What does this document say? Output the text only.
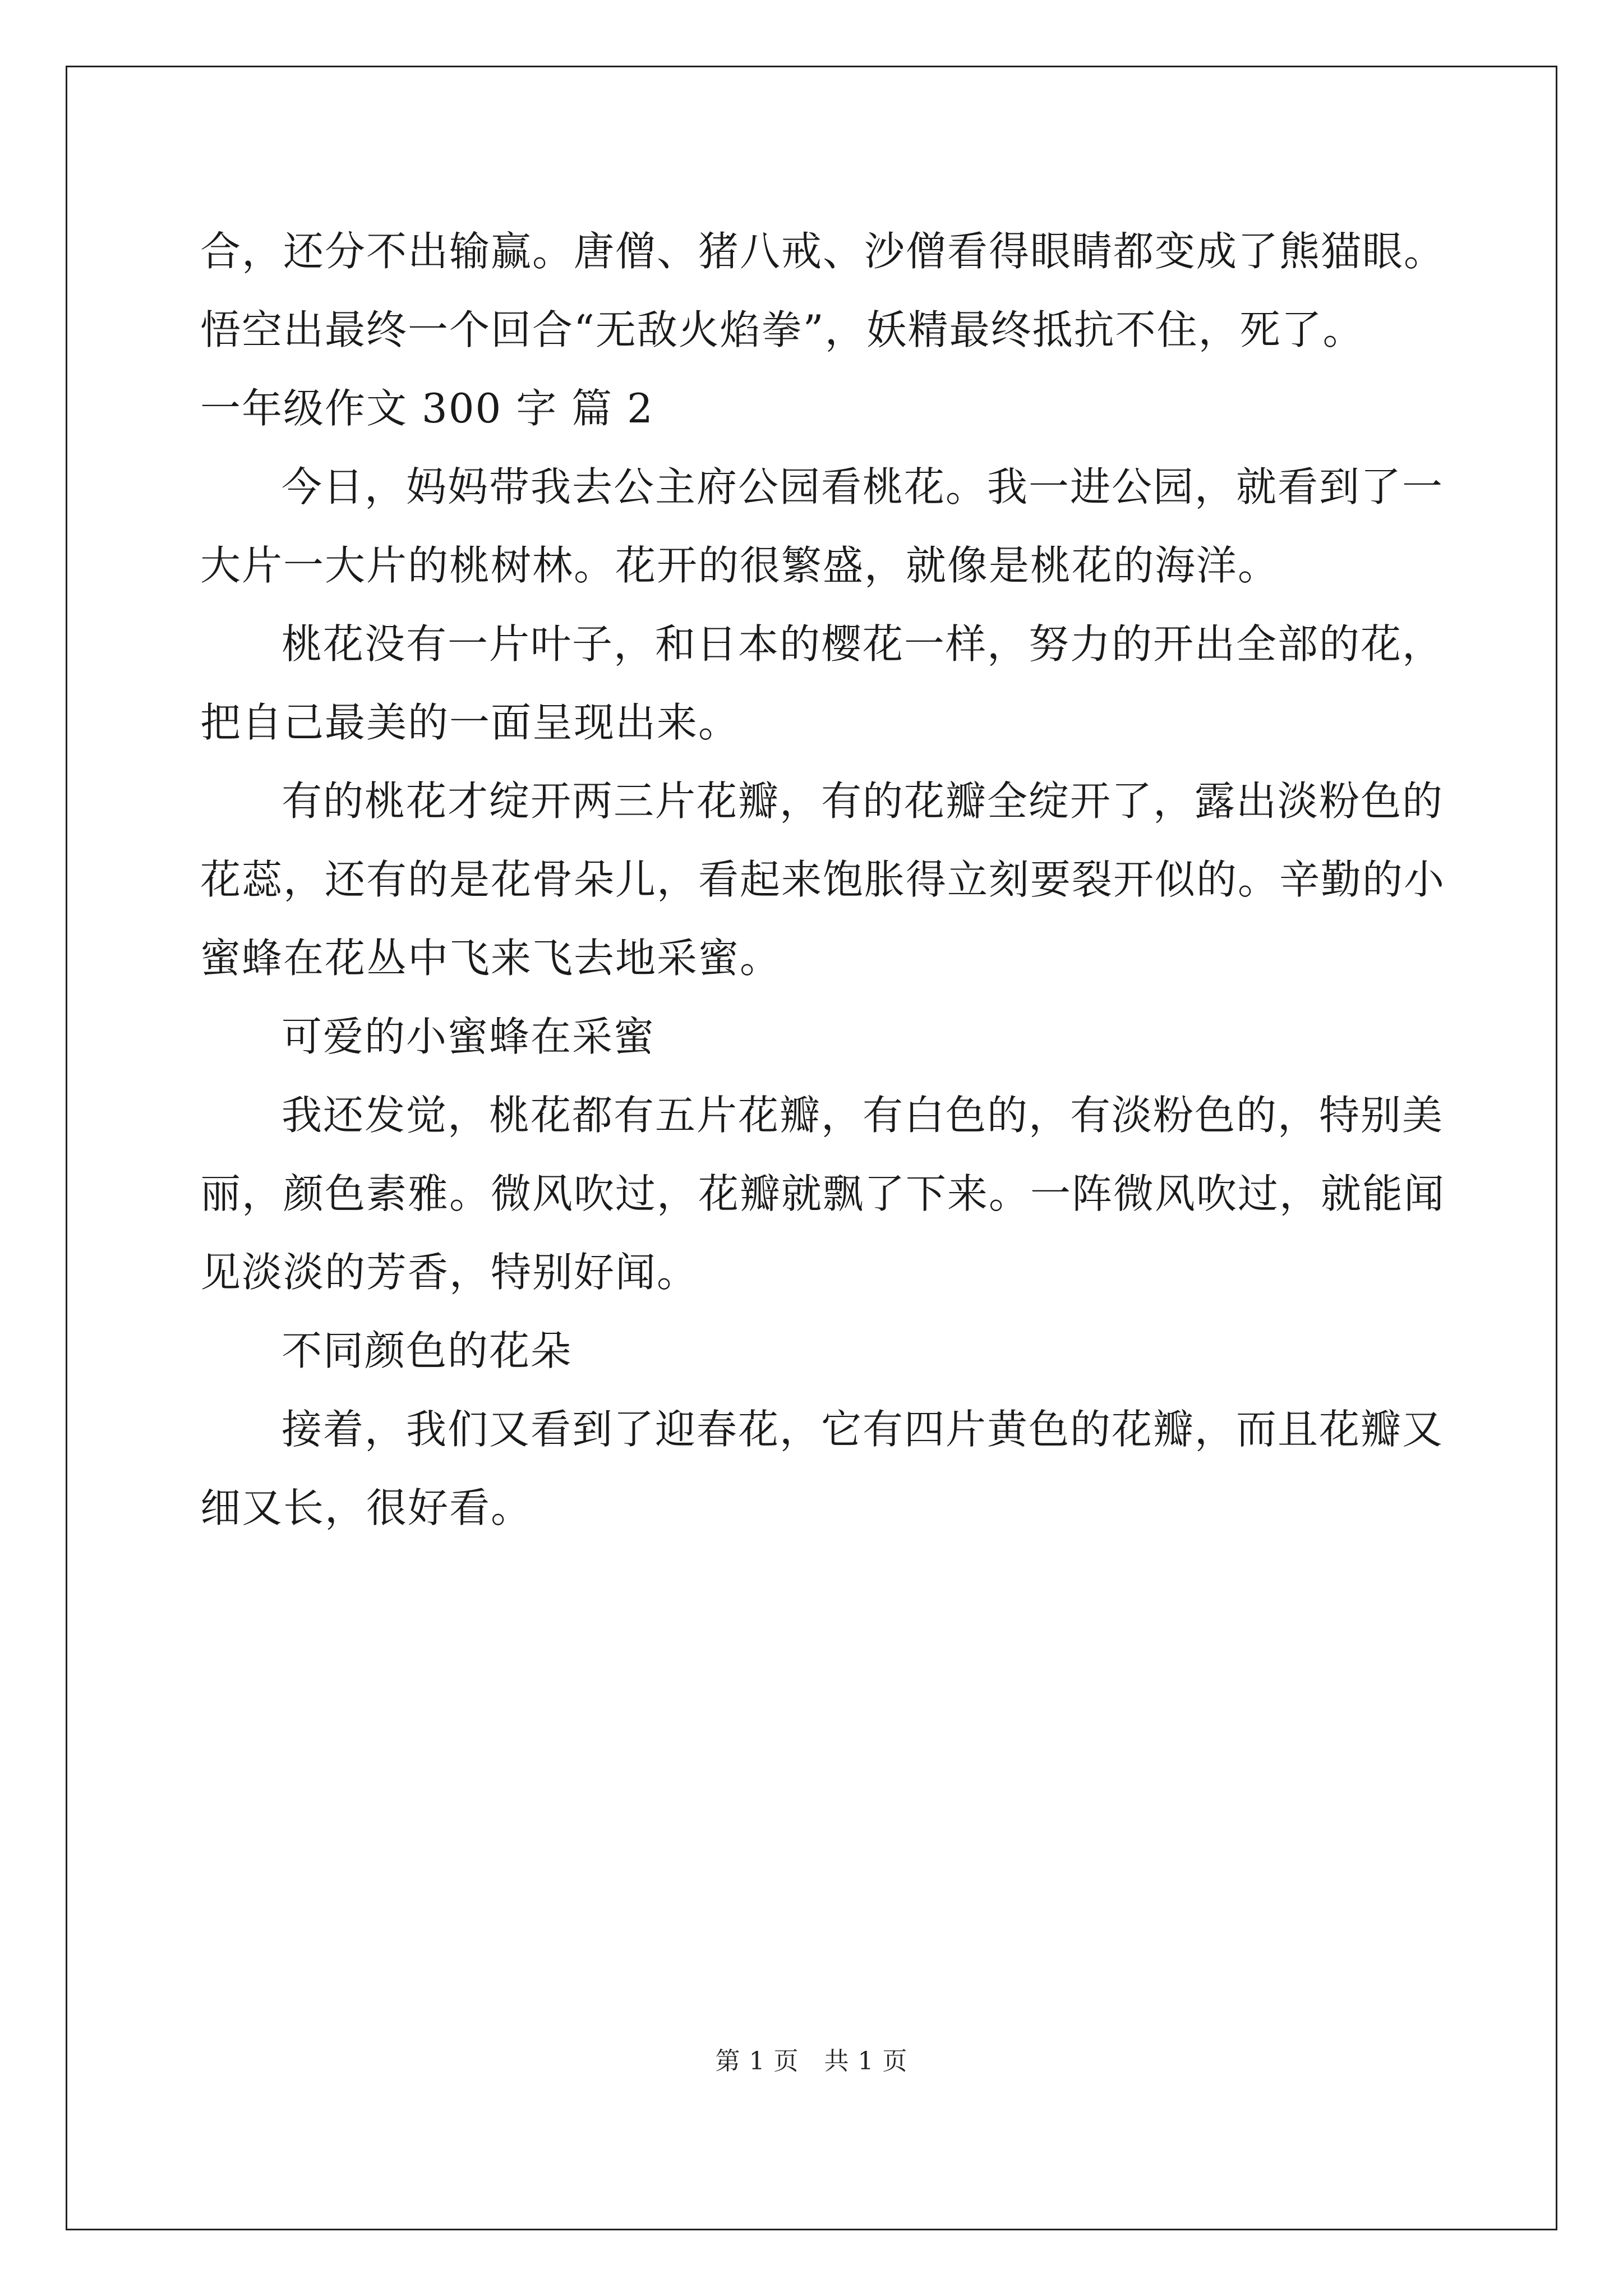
合，还分不出输赢。唐僧、猪八戒、沙僧看得眼睛都变成了熊猫眼。
悟空出最终一个回合“无敌火焰拳”，妖精最终抵抗不住，死了。
一年级作文 300 字 篇 2
今日，妈妈带我去公主府公园看桃花。我一进公园，就看到了一
大片一大片的桃树林。花开的很繁盛，就像是桃花的海洋。
桃花没有一片叶子，和日本的樱花一样，努力的开出全部的花，
把自己最美的一面呈现出来。
有的桃花才绽开两三片花瓣，有的花瓣全绽开了，露出淡粉色的
花蕊，还有的是花骨朵儿，看起来饱胀得立刻要裂开似的。辛勤的小
蜜蜂在花丛中飞来飞去地采蜜。
可爱的小蜜蜂在采蜜
我还发觉，桃花都有五片花瓣，有白色的，有淡粉色的，特别美
丽，颜色素雅。微风吹过，花瓣就飘了下来。一阵微风吹过，就能闻
见淡淡的芳香，特别好闻。
不同颜色的花朵
接着，我们又看到了迎春花，它有四片黄色的花瓣，而且花瓣又
细又长，很好看。
第 1 页　共 1 页
